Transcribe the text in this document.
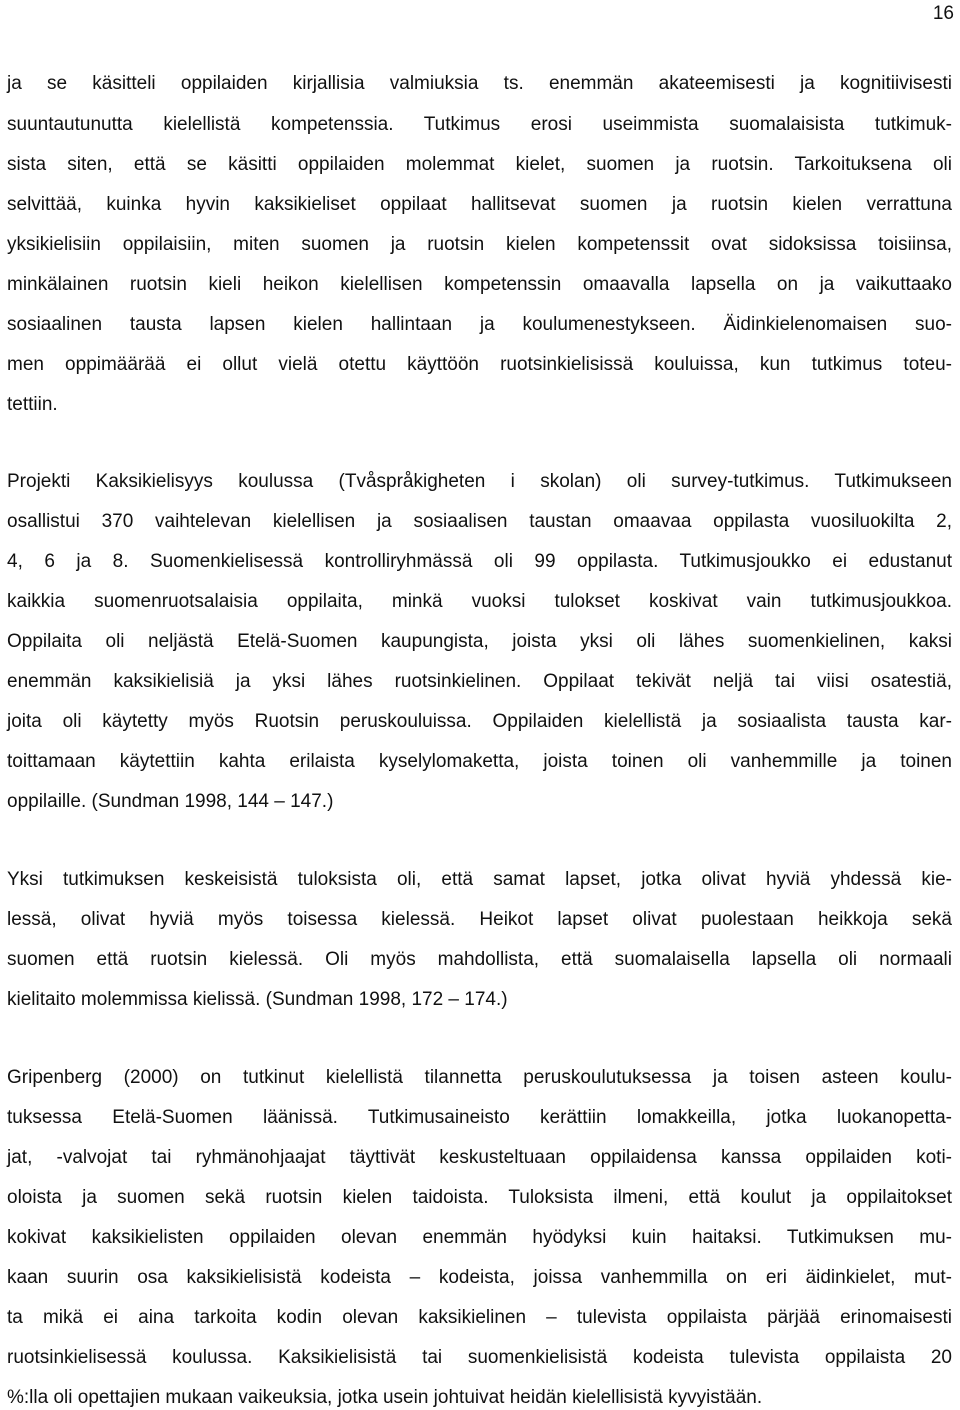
16
ja se käsitteli oppilaiden kirjallisia valmiuksia ts. enemmän akateemisesti ja kognitiivisesti
suuntautunutta kielellistä kompetenssia. Tutkimus erosi useimmista suomalaisista tutkimuk-
sista siten, että se käsitti oppilaiden molemmat kielet, suomen ja ruotsin. Tarkoituksena oli
selvittää, kuinka hyvin kaksikieliset oppilaat hallitsevat suomen ja ruotsin kielen verrattuna
yksikielisiin oppilaisiin, miten suomen ja ruotsin kielen kompetenssit ovat sidoksissa toisiinsa,
minkälainen ruotsin kieli heikon kielellisen kompetenssin omaavalla lapsella on ja vaikuttaako
sosiaalinen tausta lapsen kielen hallintaan ja koulumenestykseen. Äidinkielenomaisen suo-
men oppimäärää ei ollut vielä otettu käyttöön ruotsinkielisissä kouluissa, kun tutkimus toteu-
tettiin.
Projekti Kaksikielisyys koulussa (Tvåspråkigheten i skolan) oli survey-tutkimus. Tutkimukseen
osallistui 370 vaihtelevan kielellisen ja sosiaalisen taustan omaavaa oppilasta vuosiluokilta 2,
4, 6 ja 8. Suomenkielisessä kontrolliryhmässä oli 99 oppilasta. Tutkimusjoukko ei edustanut
kaikkia suomenruotsalaisia oppilaita, minkä vuoksi tulokset koskivat vain tutkimusjoukkoa.
Oppilaita oli neljästä Etelä-Suomen kaupungista, joista yksi oli lähes suomenkielinen, kaksi
enemmän kaksikielisiä ja yksi lähes ruotsinkielinen. Oppilaat tekivät neljä tai viisi osatestiä,
joita oli käytetty myös Ruotsin peruskouluissa. Oppilaiden kielellistä ja sosiaalista tausta kar-
toittamaan käytettiin kahta erilaista kyselylomaketta, joista toinen oli vanhemmille ja toinen
oppilaille. (Sundman 1998, 144 – 147.)
Yksi tutkimuksen keskeisistä tuloksista oli, että samat lapset, jotka olivat hyviä yhdessä kie-
lessä, olivat hyviä myös toisessa kielessä. Heikot lapset olivat puolestaan heikkoja sekä
suomen että ruotsin kielessä. Oli myös mahdollista, että suomalaisella lapsella oli normaali
kielitaito molemmissa kielissä. (Sundman 1998, 172 – 174.)
Gripenberg (2000) on tutkinut kielellistä tilannetta peruskoulutuksessa ja toisen asteen koulu-
tuksessa Etelä-Suomen läänissä. Tutkimusaineisto kerättiin lomakkeilla, jotka luokanopetta-
jat, -valvojat tai ryhmänohjaajat täyttivät keskusteltuaan oppilaidensa kanssa oppilaiden koti-
oloista ja suomen sekä ruotsin kielen taidoista. Tuloksista ilmeni, että koulut ja oppilaitokset
kokivat kaksikielisten oppilaiden olevan enemmän hyödyksi kuin haitaksi. Tutkimuksen mu-
kaan suurin osa kaksikielisistä kodeista – kodeista, joissa vanhemmilla on eri äidinkielet, mut-
ta mikä ei aina tarkoita kodin olevan kaksikielinen – tulevista oppilaista pärjää erinomaisesti
ruotsinkielisessä koulussa. Kaksikielisistä tai suomenkielisistä kodeista tulevista oppilaista 20
%:lla oli opettajien mukaan vaikeuksia, jotka usein johtuivat heidän kielellisistä kyvyistään.
